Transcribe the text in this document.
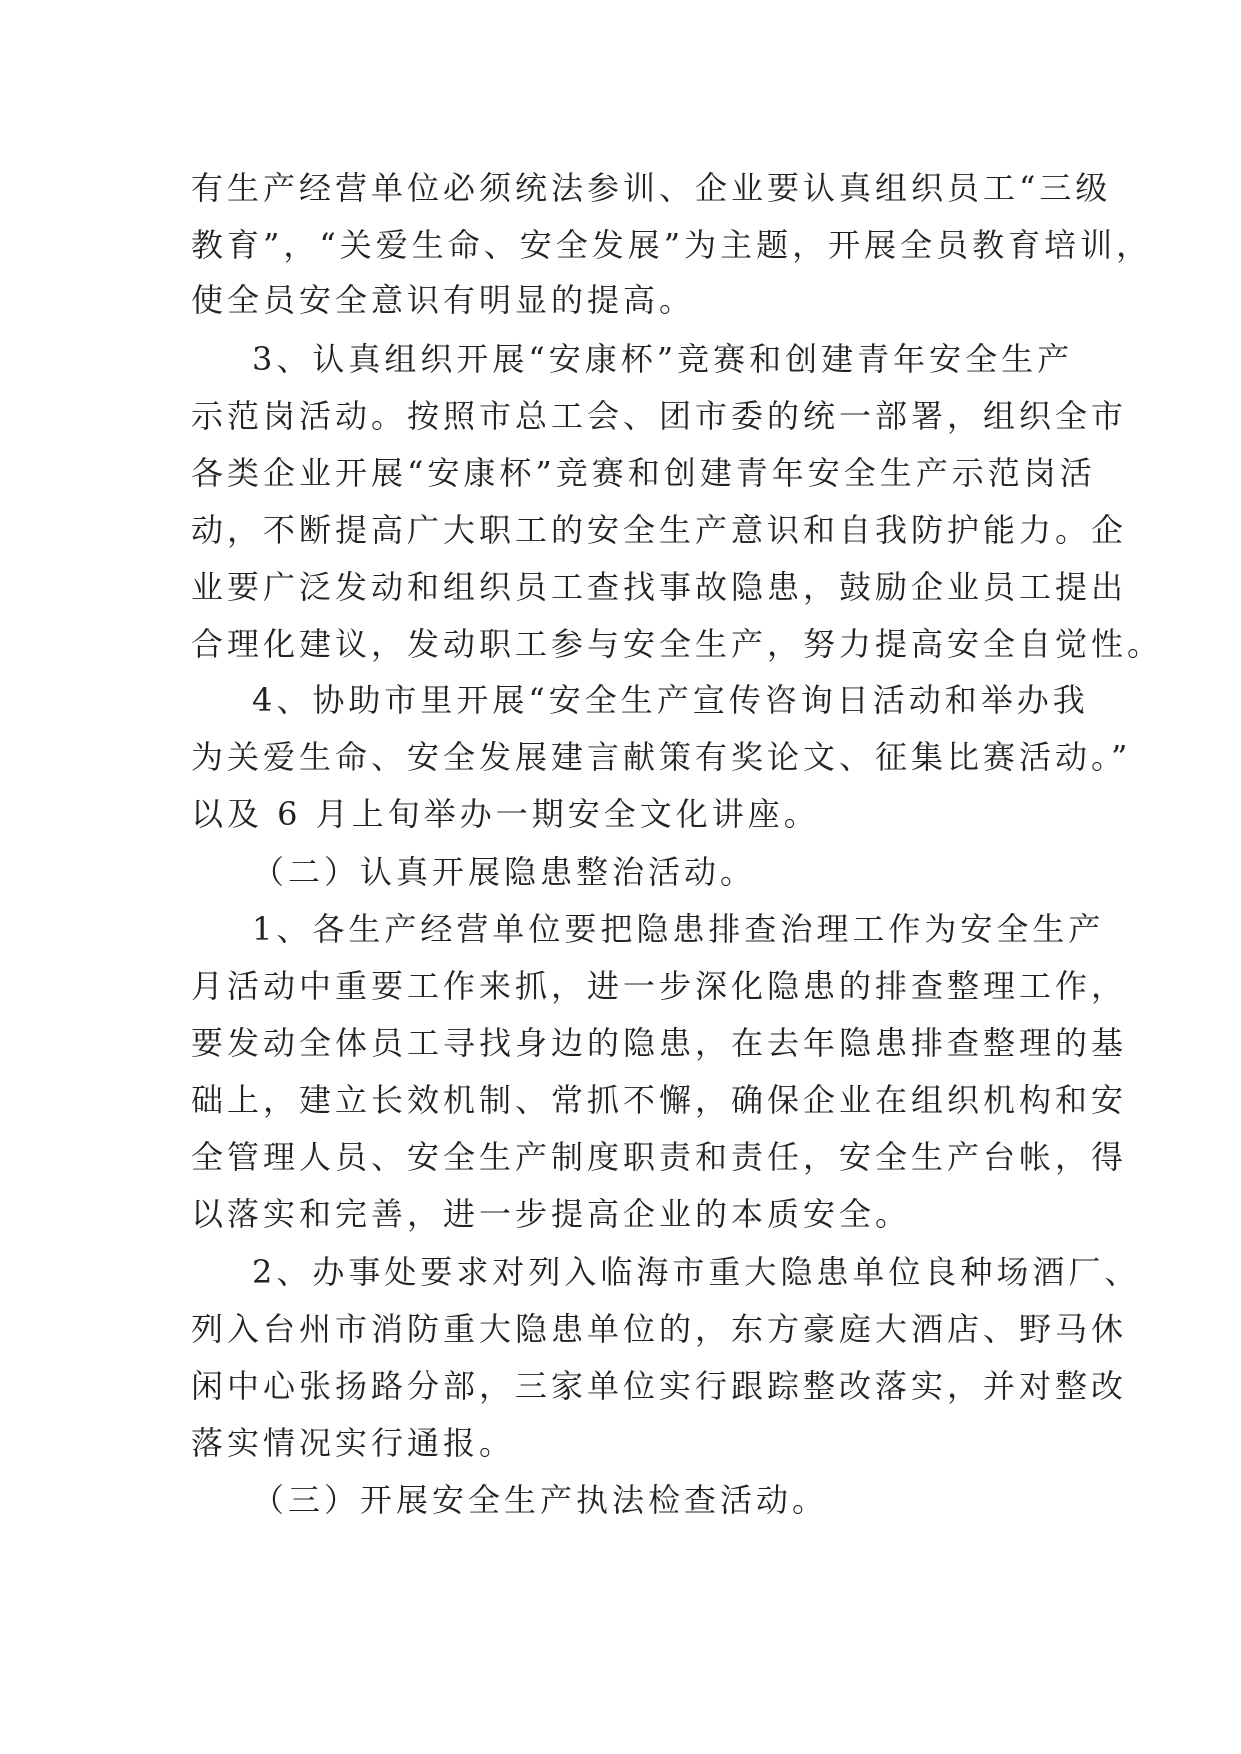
有生产经营单位必须统法参训、企业要认真组织员工“三级
教育”，“关爱生命、安全发展”为主题，开展全员教育培训，
使全员安全意识有明显的提高。
3、认真组织开展“安康杯”竞赛和创建青年安全生产
示范岗活动。按照市总工会、团市委的统一部署，组织全市
各类企业开展“安康杯”竞赛和创建青年安全生产示范岗活
动，不断提高广大职工的安全生产意识和自我防护能力。企
业要广泛发动和组织员工查找事故隐患，鼓励企业员工提出
合理化建议，发动职工参与安全生产，努力提高安全自觉性。
4、协助市里开展“安全生产宣传咨询日活动和举办我
为关爱生命、安全发展建言献策有奖论文、征集比赛活动。”
以及 6 月上旬举办一期安全文化讲座。
（二）认真开展隐患整治活动。
1、各生产经营单位要把隐患排查治理工作为安全生产
月活动中重要工作来抓，进一步深化隐患的排查整理工作，
要发动全体员工寻找身边的隐患，在去年隐患排查整理的基
础上，建立长效机制、常抓不懈，确保企业在组织机构和安
全管理人员、安全生产制度职责和责任，安全生产台帐，得
以落实和完善，进一步提高企业的本质安全。
2、办事处要求对列入临海市重大隐患单位良种场酒厂、
列入台州市消防重大隐患单位的，东方豪庭大酒店、野马休
闲中心张扬路分部，三家单位实行跟踪整改落实，并对整改
落实情况实行通报。
（三）开展安全生产执法检查活动。
